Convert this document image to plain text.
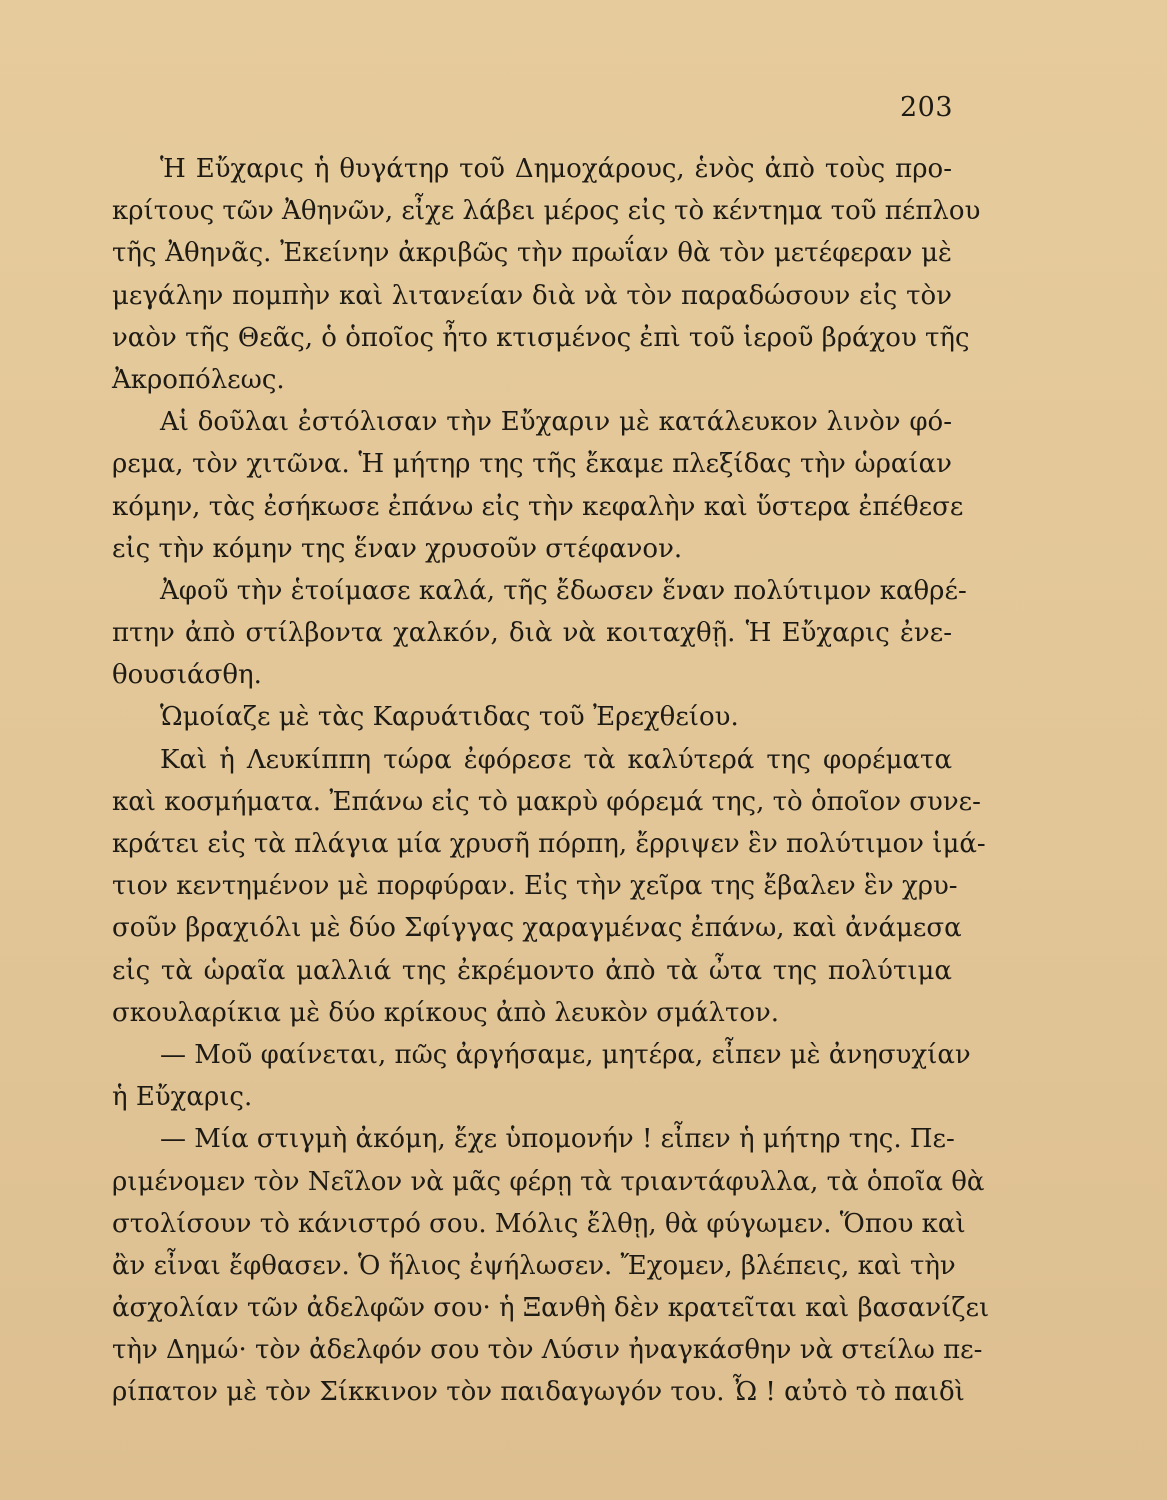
203
Ἡ Εὔχαρις ἡ θυγάτηρ τοῦ Δημοχάρους, ἑνὸς ἀπὸ τοὺς προ-
κρίτους τῶν Ἀθηνῶν, εἶχε λάβει μέρος εἰς τὸ κέντημα τοῦ πέπλου
τῆς Ἀθηνᾶς. Ἐκείνην ἀκριβῶς τὴν πρωΐαν θὰ τὸν μετέφεραν μὲ
μεγάλην πομπὴν καὶ λιτανείαν διὰ νὰ τὸν παραδώσουν εἰς τὸν
ναὸν τῆς Θεᾶς, ὁ ὁποῖος ἦτο κτισμένος ἐπὶ τοῦ ἱεροῦ βράχου τῆς
Ἀκροπόλεως.
Αἱ δοῦλαι ἐστόλισαν τὴν Εὔχαριν μὲ κατάλευκον λινὸν φό-
ρεμα, τὸν χιτῶνα. Ἡ μήτηρ της τῆς ἔκαμε πλεξίδας τὴν ὡραίαν
κόμην, τὰς ἐσήκωσε ἐπάνω εἰς τὴν κεφαλὴν καὶ ὕστερα ἐπέθεσε
εἰς τὴν κόμην της ἕναν χρυσοῦν στέφανον.
Ἀφοῦ τὴν ἑτοίμασε καλά, τῆς ἔδωσεν ἕναν πολύτιμον καθρέ-
πτην ἀπὸ στίλβοντα χαλκόν, διὰ νὰ κοιταχθῇ. Ἡ Εὔχαρις ἐνε-
θουσιάσθη.
Ὡμοίαζε μὲ τὰς Καρυάτιδας τοῦ Ἐρεχθείου.
Καὶ ἡ Λευκίππη τώρα ἐφόρεσε τὰ καλύτερά της φορέματα
καὶ κοσμήματα. Ἐπάνω εἰς τὸ μακρὺ φόρεμά της, τὸ ὁποῖον συνε-
κράτει εἰς τὰ πλάγια μία χρυσῆ πόρπη, ἔρριψεν ἓν πολύτιμον ἱμά-
τιον κεντημένον μὲ πορφύραν. Εἰς τὴν χεῖρα της ἔβαλεν ἓν χρυ-
σοῦν βραχιόλι μὲ δύο Σφίγγας χαραγμένας ἐπάνω, καὶ ἀνάμεσα
εἰς τὰ ὡραῖα μαλλιά της ἐκρέμοντο ἀπὸ τὰ ὦτα της πολύτιμα
σκουλαρίκια μὲ δύο κρίκους ἀπὸ λευκὸν σμάλτον.
— Μοῦ φαίνεται, πῶς ἀργήσαμε, μητέρα, εἶπεν μὲ ἀνησυχίαν
ἡ Εὔχαρις.
— Μία στιγμὴ ἀκόμη, ἔχε ὑπομονήν ! εἶπεν ἡ μήτηρ της. Πε-
ριμένομεν τὸν Νεῖλον νὰ μᾶς φέρῃ τὰ τριαντάφυλλα, τὰ ὁποῖα θὰ
στολίσουν τὸ κάνιστρό σου. Μόλις ἔλθῃ, θὰ φύγωμεν. Ὅπου καὶ
ἂν εἶναι ἔφθασεν. Ὁ ἥλιος ἐψήλωσεν. Ἔχομεν, βλέπεις, καὶ τὴν
ἀσχολίαν τῶν ἀδελφῶν σου· ἡ Ξανθὴ δὲν κρατεῖται καὶ βασανίζει
τὴν Δημώ· τὸν ἀδελφόν σου τὸν Λύσιν ἠναγκάσθην νὰ στείλω πε-
ρίπατον μὲ τὸν Σίκκινον τὸν παιδαγωγόν του. Ὦ ! αὐτὸ τὸ παιδὶ
